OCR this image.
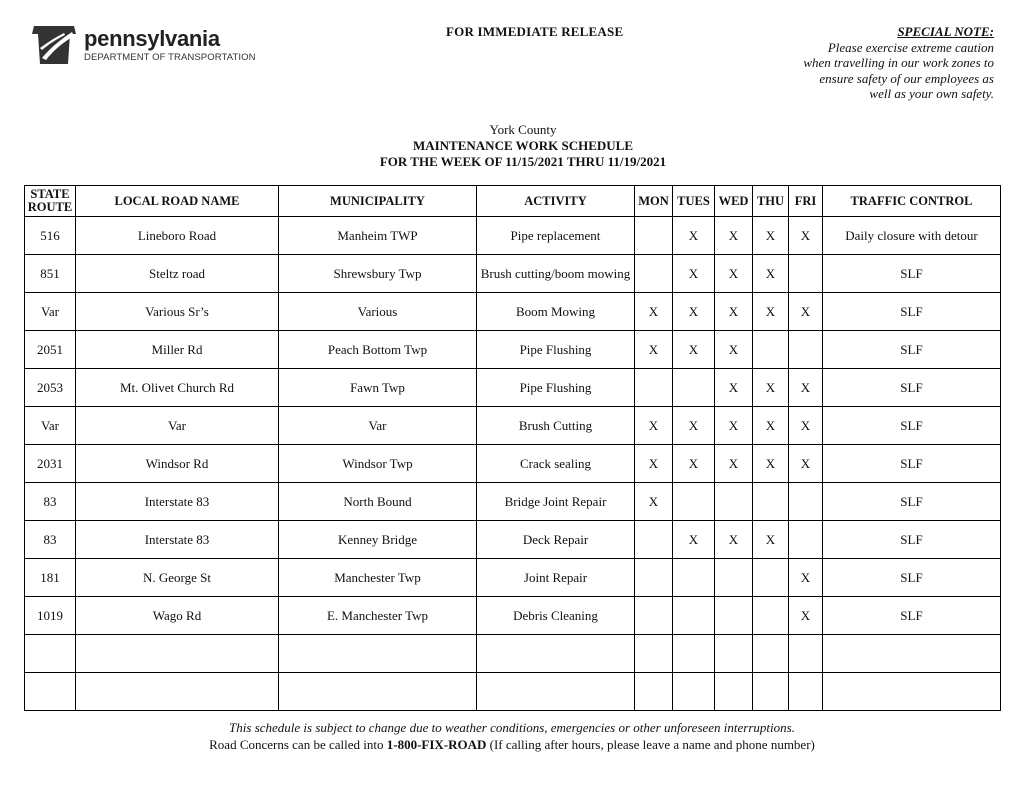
pennsylvania
DEPARTMENT OF TRANSPORTATION
FOR IMMEDIATE RELEASE	SPECIAL NOTE:
Please exercise extreme caution
when travelling in our work zones to
ensure safety of our employees as
well as your own safety.
York County
MAINTENANCE WORK SCHEDULE
FOR THE WEEK OF 11/15/2021 THRU 11/19/2021
STATE ROUTE	LOCAL ROAD NAME	MUNICIPALITY	ACTIVITY	MON	TUES	WED	THU	FRI	TRAFFIC CONTROL
516	Lineboro Road	Manheim TWP	Pipe replacement		X	X	X	X	Daily closure with detour
851	Steltz road	Shrewsbury Twp	Brush cutting/boom mowing		X	X	X		SLF
Var	Various Sr’s	Various	Boom Mowing	X	X	X	X	X	SLF
2051	Miller Rd	Peach Bottom Twp	Pipe Flushing	X	X	X			SLF
2053	Mt. Olivet Church Rd	Fawn Twp	Pipe Flushing			X	X	X	SLF
Var	Var	Var	Brush Cutting	X	X	X	X	X	SLF
2031	Windsor Rd	Windsor Twp	Crack sealing	X	X	X	X	X	SLF
83	Interstate 83	North Bound	Bridge Joint Repair	X					SLF
83	Interstate 83	Kenney Bridge	Deck Repair		X	X	X		SLF
181	N. George St	Manchester Twp	Joint Repair					X	SLF
1019	Wago Rd	E. Manchester Twp	Debris Cleaning					X	SLF

This schedule is subject to change due to weather conditions, emergencies or other unforeseen interruptions.
Road Concerns can be called into 1-800-FIX-ROAD (If calling after hours, please leave a name and phone number)
